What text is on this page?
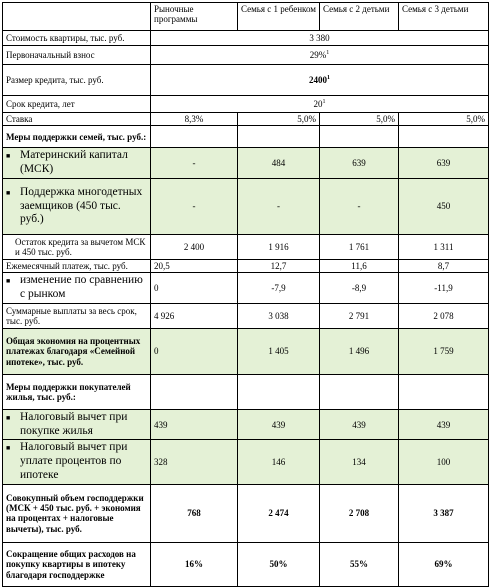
	Рыночные программы	Семья с 1 ребенком	Семья с 2 детьми	Семья с 3 детьми
Стоимость квартиры, тыс. руб.	3 380			
Первоначальный взнос	29%$^1$
Размер кредита, тыс. руб.	2400$^1$
Срок кредита, лет	$20^1$
Ставка	8,3%	5,0%	5,0%	5,0%
Меры поддержки семей, тыс. руб.:				

■ Материнский капитал (МСК)	-	484	639	639

■ Поддержка многодетных заемщиков (450 тыс. руб.)	-	-	-	450
Остаток кредита за вычетом МСК и 450 тыс. руб.	2 400	1 916	1 761	1 311
Ежемесячный платеж, тыс. руб.	20,5	12,7	11,6	8,7

■ изменение по сравнению с рынком	0	-7,9	-8,9	-11,9
Суммарные выплаты за весь срок, тыс. руб.	4 926	3 038	2 791	2 078
Общая экономия на процентных платежах благодаря «Семейной ипотеке», тыс. руб.	0	1 405	1 496	1 759
Меры поддержки покупателей жилья, тыс. руб.:				

■ Налоговый вычет при покупке жилья	439	439	439	439

■ Налоговый вычет при уплате процентов по ипотеке	328	146	134	100
Совокупный объем господдержки (МСК + 450 тыс. руб. + экономия на процентах + налоговые вычеты), тыс. руб.	768	2 474	2 708	3 387
Сокращение общих расходов на покупку квартиры в ипотеку благодаря господдержке	16%	50%	55%	69%
